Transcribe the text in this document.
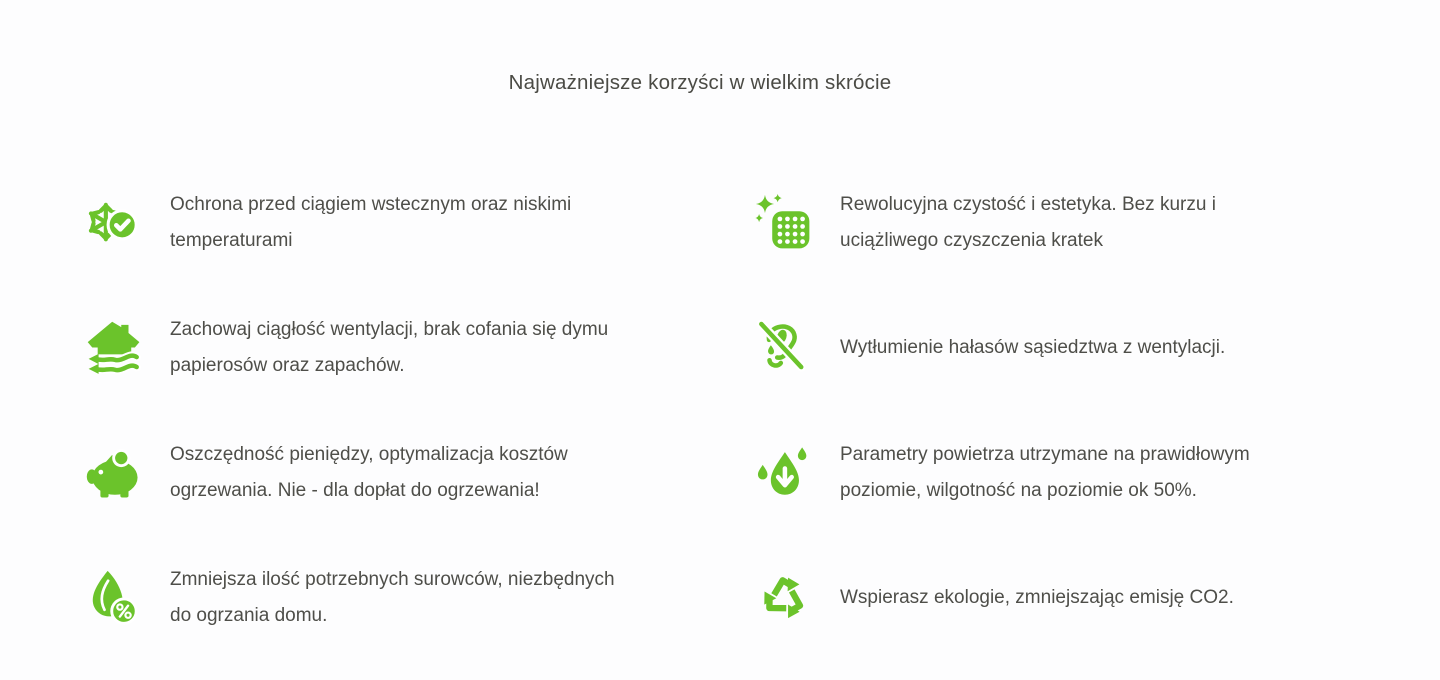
Najważniejsze korzyści w wielkim skrócie
Ochrona przed ciągiem wstecznym oraz niskimi temperaturami
Zachowaj ciągłość wentylacji, brak cofania się dymu papierosów oraz zapachów.
Oszczędność pieniędzy, optymalizacja kosztów ogrzewania. Nie - dla dopłat do ogrzewania!
Zmniejsza ilość potrzebnych surowców, niezbędnych do ogrzania domu.
Rewolucyjna czystość i estetyka. Bez kurzu i uciążliwego czyszczenia kratek
Wytłumienie hałasów sąsiedztwa z wentylacji.
Parametry powietrza utrzymane na prawidłowym poziomie, wilgotność na poziomie ok 50%.
Wspierasz ekologie, zmniejszając emisję CO2.
